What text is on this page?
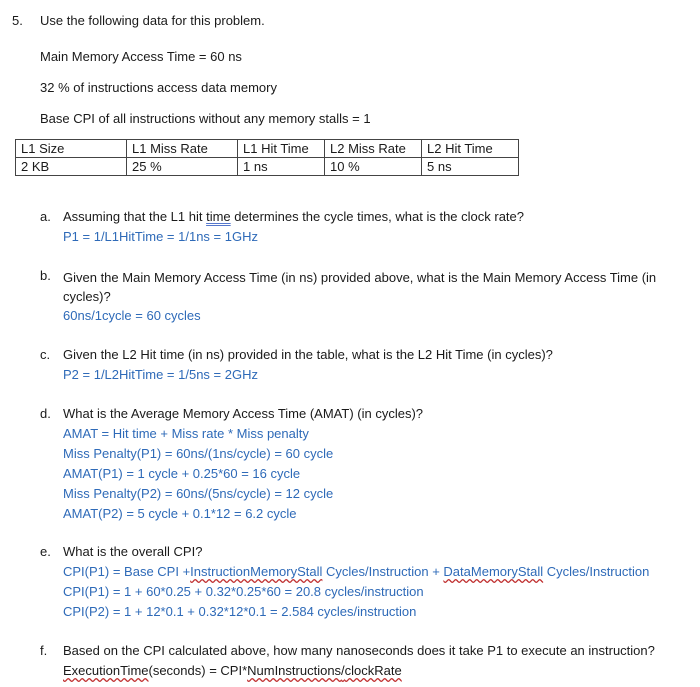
5. Use the following data for this problem.
Main Memory Access Time = 60 ns
32 % of instructions access data memory
Base CPI of all instructions without any memory stalls = 1
L1 Size	L1 Miss Rate	L1 Hit Time	L2 Miss Rate	L2 Hit Time
2 KB	25 %	1 ns	10 %	5 ns
a. Assuming that the L1 hit time determines the cycle times, what is the clock rate?
P1 = 1/L1HitTime = 1/1ns = 1GHz
b. Given the Main Memory Access Time (in ns) provided above, what is the Main Memory Access Time (in cycles)?
60ns/1cycle = 60 cycles
c. Given the L2 Hit time (in ns) provided in the table, what is the L2 Hit Time (in cycles)?
P2 = 1/L2HitTime = 1/5ns = 2GHz
d. What is the Average Memory Access Time (AMAT) (in cycles)?
AMAT = Hit time + Miss rate * Miss penalty
Miss Penalty(P1) = 60ns/(1ns/cycle) = 60 cycle
AMAT(P1) = 1 cycle + 0.25*60 = 16 cycle
Miss Penalty(P2) = 60ns/(5ns/cycle) = 12 cycle
AMAT(P2) = 5 cycle + 0.1*12 = 6.2 cycle
e. What is the overall CPI?
CPI(P1) = Base CPI +InstructionMemoryStall Cycles/Instruction + DataMemoryStall Cycles/Instruction
CPI(P1) = 1 + 60*0.25 + 0.32*0.25*60 = 20.8 cycles/instruction
CPI(P2) = 1 + 12*0.1 + 0.32*12*0.1 = 2.584 cycles/instruction
f. Based on the CPI calculated above, how many nanoseconds does it take P1 to execute an instruction?
ExecutionTime(seconds) = CPI*NumInstructions/clockRate
